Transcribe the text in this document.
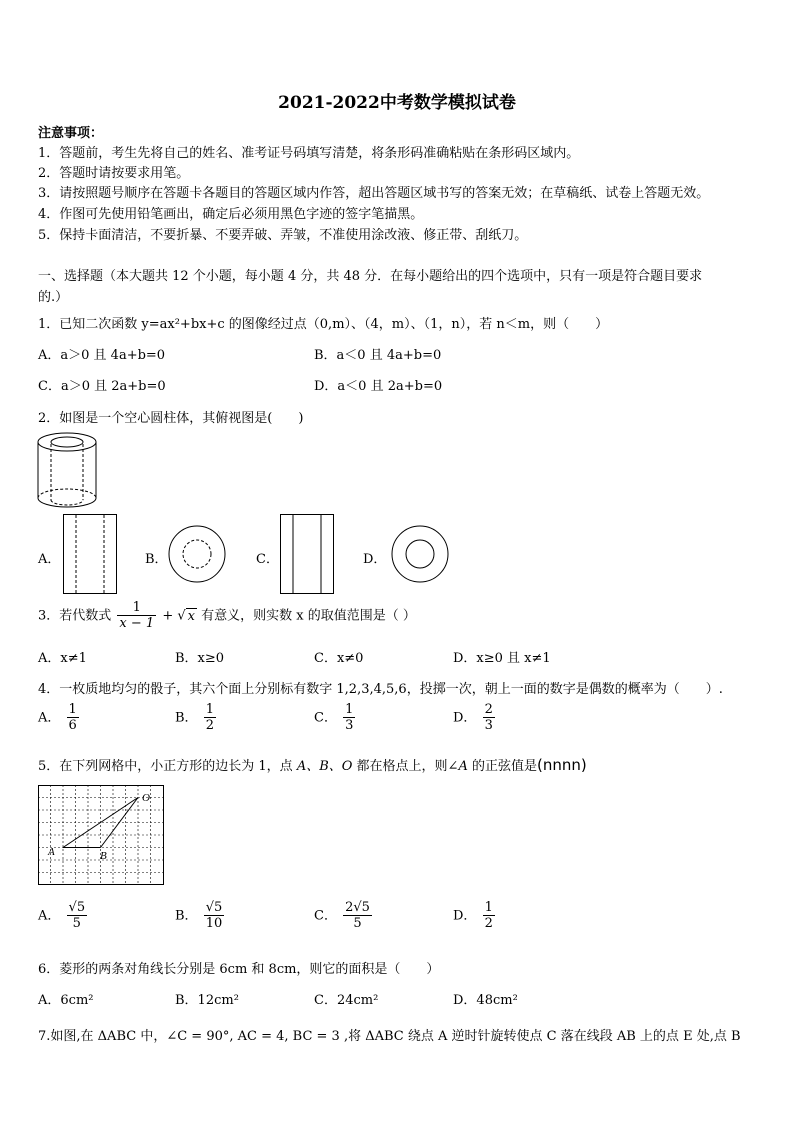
2021-2022中考数学模拟试卷
注意事项：
1．答题前，考生先将自己的姓名、准考证号码填写清楚，将条形码准确粘贴在条形码区域内。
2．答题时请按要求用笔。
3．请按照题号顺序在答题卡各题目的答题区域内作答，超出答题区域书写的答案无效；在草稿纸、试卷上答题无效。
4．作图可先使用铅笔画出，确定后必须用黑色字迹的签字笔描黑。
5．保持卡面清洁，不要折暴、不要弄破、弄皱，不准使用涂改液、修正带、刮纸刀。
一、选择题（本大题共 12 个小题，每小题 4 分，共 48 分．在每小题给出的四个选项中，只有一项是符合题目要求
的.）
1．已知二次函数 y=ax²+bx+c 的图像经过点（0,m）、（4，m）、（1，n），若 n＜m，则（　　）
A．a＞0 且 4a+b=0	B．a＜0 且 4a+b=0
C．a＞0 且 2a+b=0	D．a＜0 且 2a+b=0
2．如图是一个空心圆柱体，其俯视图是(　　)
A．	B．	C．	D．
3．若代数式 $\frac{1}{x - 1}$ + √ x 有意义，则实数 x 的取值范围是（ ）
A．x≠1	B．x≥0	C．x≠0	D．x≥0 且 x≠1
4．一枚质地均匀的骰子，其六个面上分别标有数字 1,2,3,4,5,6，投掷一次，朝上一面的数字是偶数的概率为（　　）.
A． $\frac{1}{6}$	B． $\frac{1}{2}$	C． $\frac{1}{3}$	D． $\frac{2}{3}$
5．在下列网格中，小正方形的边长为 1，点 A、B、O 都在格点上，则∠A 的正弦值是(nnnn)
O
A	B
A． $\frac{√5}{5}$	B． $\frac{√5}{10}$	C． $\frac{2√5}{5}$	D． $\frac{1}{2}$
6．菱形的两条对角线长分别是 6cm 和 8cm，则它的面积是（　　）
A．6cm²	B．12cm²	C．24cm²	D．48cm²
7.如图,在 ΔABC 中，∠C = 90°, AC = 4, BC = 3 ,将 ΔABC 绕点 A 逆时针旋转使点 C 落在线段 AB 上的点 E 处,点 B
